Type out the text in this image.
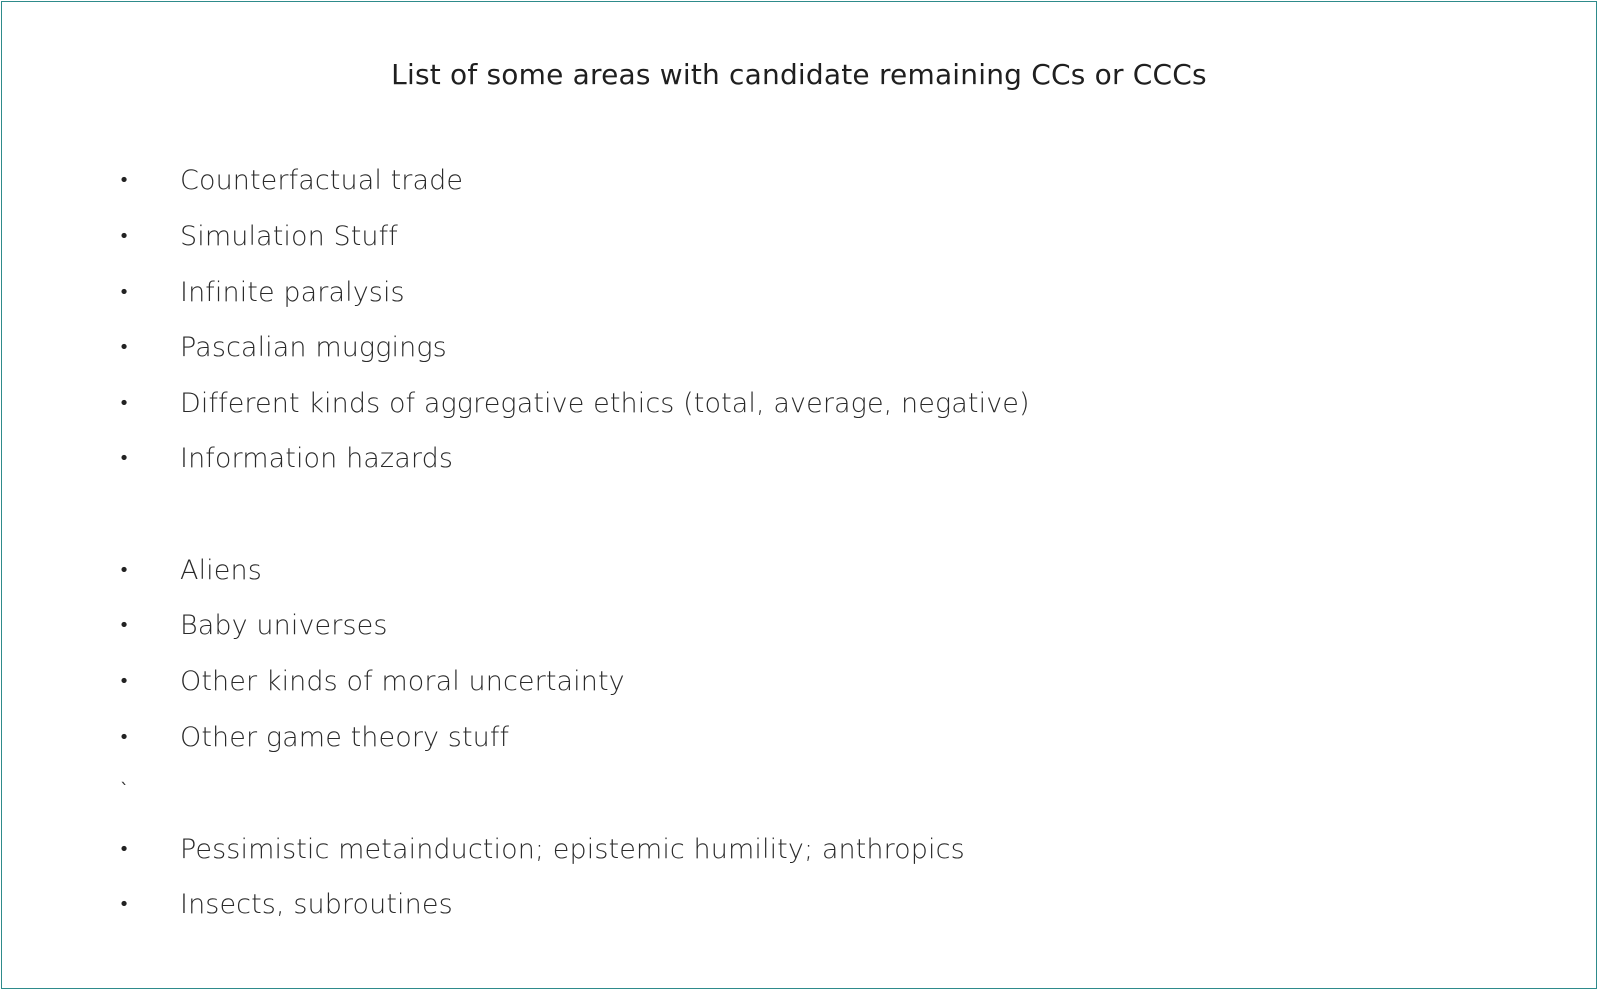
List of some areas with candidate remaining CCs or CCCs
• Counterfactual trade
• Simulation Stuff
• Infinite paralysis
• Pascalian muggings
• Different kinds of aggregative ethics (total, average, negative)
• Information hazards
• Aliens
• Baby universes
• Other kinds of moral uncertainty
• Other game theory stuff
`
• Pessimistic metainduction; epistemic humility; anthropics
• Insects, subroutines
